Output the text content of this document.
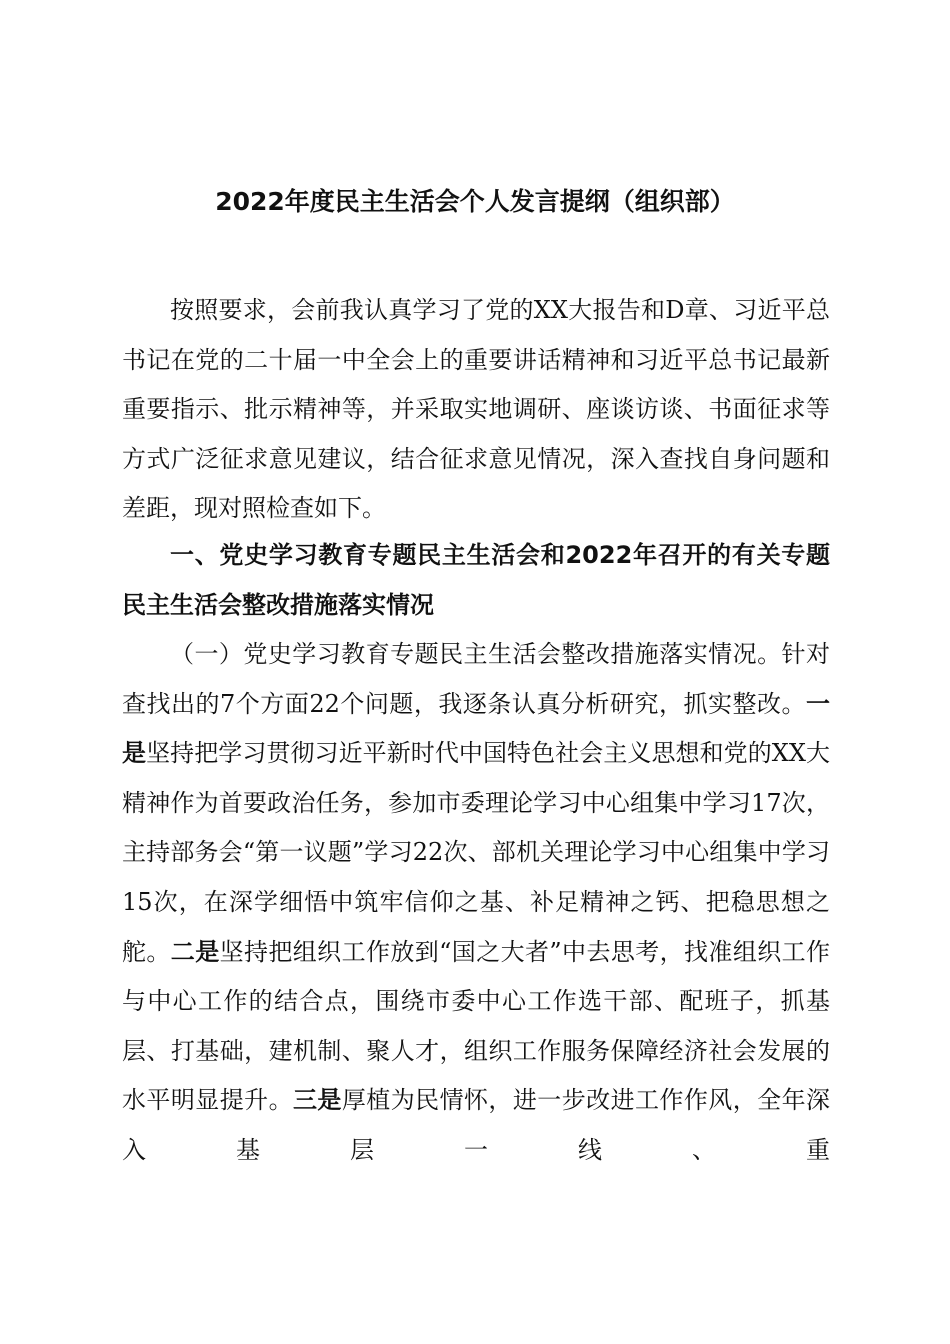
2022年度民主生活会个人发言提纲（组织部）

按照要求，会前我认真学习了党的XX大报告和D章、习近平总书记在党的二十届一中全会上的重要讲话精神和习近平总书记最新重要指示、批示精神等，并采取实地调研、座谈访谈、书面征求等方式广泛征求意见建议，结合征求意见情况，深入查找自身问题和差距，现对照检查如下。

一、党史学习教育专题民主生活会和2022年召开的有关专题民主生活会整改措施落实情况

（一）党史学习教育专题民主生活会整改措施落实情况。针对查找出的7个方面22个问题，我逐条认真分析研究，抓实整改。一是坚持把学习贯彻习近平新时代中国特色社会主义思想和党的XX大精神作为首要政治任务，参加市委理论学习中心组集中学习17次，主持部务会“第一议题”学习22次、部机关理论学习中心组集中学习15次，在深学细悟中筑牢信仰之基、补足精神之钙、把稳思想之舵。二是坚持把组织工作放到“国之大者”中去思考，找准组织工作与中心工作的结合点，围绕市委中心工作选干部、配班子，抓基层、打基础，建机制、聚人才，组织工作服务保障经济社会发展的水平明显提升。三是厚植为民情怀，进一步改进工作作风，全年深入基层一线、重
